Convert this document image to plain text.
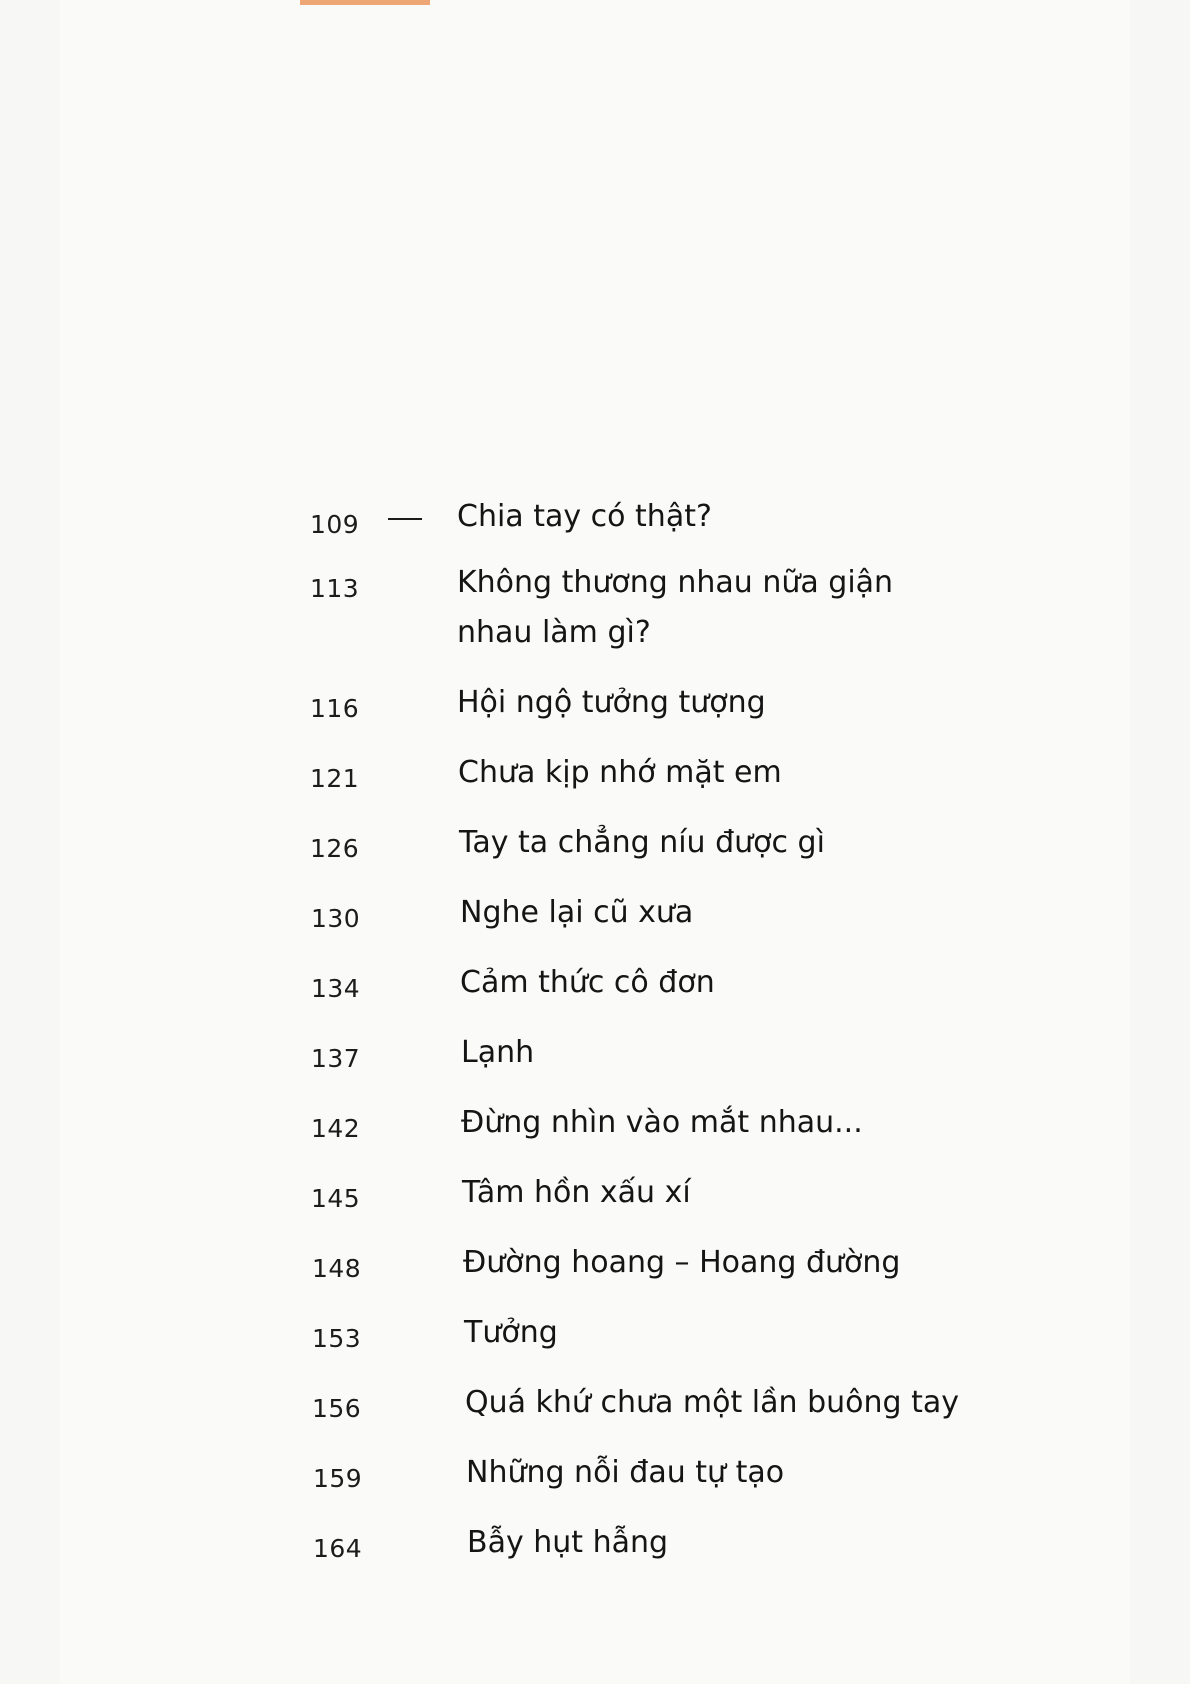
109	Chia tay có thật?
113	Không thương nhau nữa giận
nhau làm gì?
116	Hội ngộ tưởng tượng
121	Chưa kịp nhớ mặt em
126	Tay ta chẳng níu được gì
130	Nghe lại cũ xưa
134	Cảm thức cô đơn
137	Lạnh
142	Đừng nhìn vào mắt nhau...
145	Tâm hồn xấu xí
148	Đường hoang – Hoang đường
153	Tưởng
156	Quá khứ chưa một lần buông tay
159	Những nỗi đau tự tạo
164	Bẫy hụt hẫng
